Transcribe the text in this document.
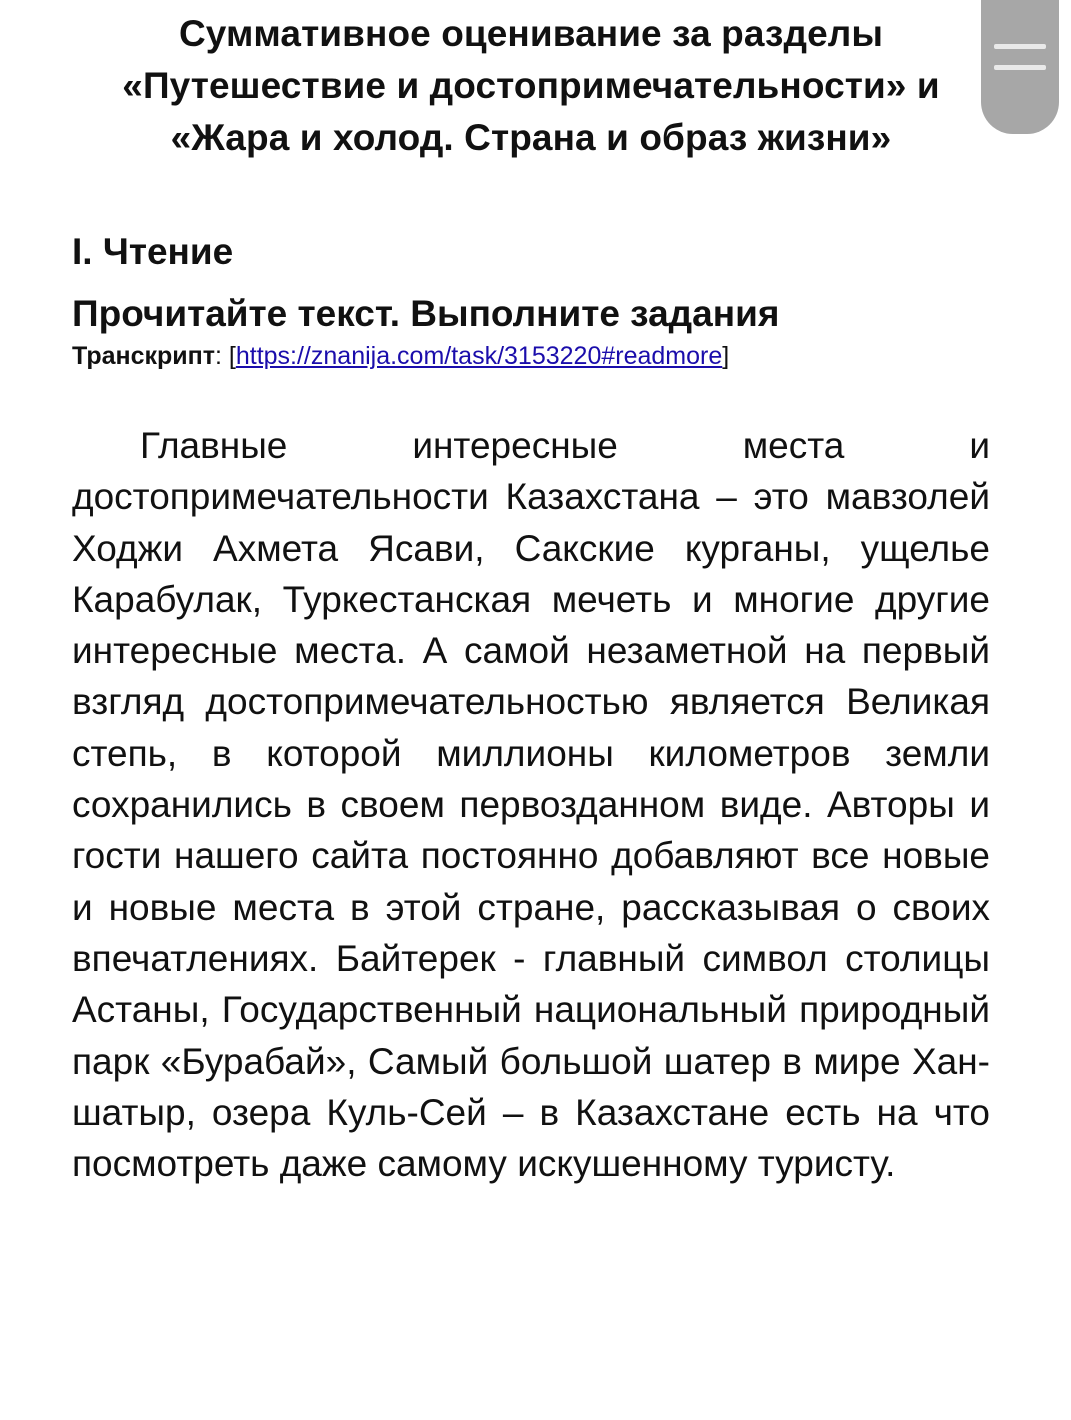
Суммативное оценивание за разделы «Путешествие и достопримечательности» и «Жара и холод. Страна и образ жизни»
I. Чтение
Прочитайте текст. Выполните задания

Транскрипт: [https://znanija.com/task/3153220#readmore]

Главные интересные места и достопримечательности Казахстана – это мавзолей Ходжи Ахмета Ясави, Сакские курганы, ущелье Карабулак, Туркестанская мечеть и многие другие интересные места. А самой незаметной на первый взгляд достопримечательностью является Великая степь, в которой миллионы километров земли сохранились в своем первозданном виде. Авторы и гости нашего сайта постоянно добавляют все новые и новые места в этой стране, рассказывая о своих впечатлениях. Байтерек - главный символ столицы Астаны, Государственный национальный природный парк «Бурабай», Самый большой шатер в мире Хан-шатыр, озера Куль-Сей – в Казахстане есть на что посмотреть даже самому искушенному туристу.
